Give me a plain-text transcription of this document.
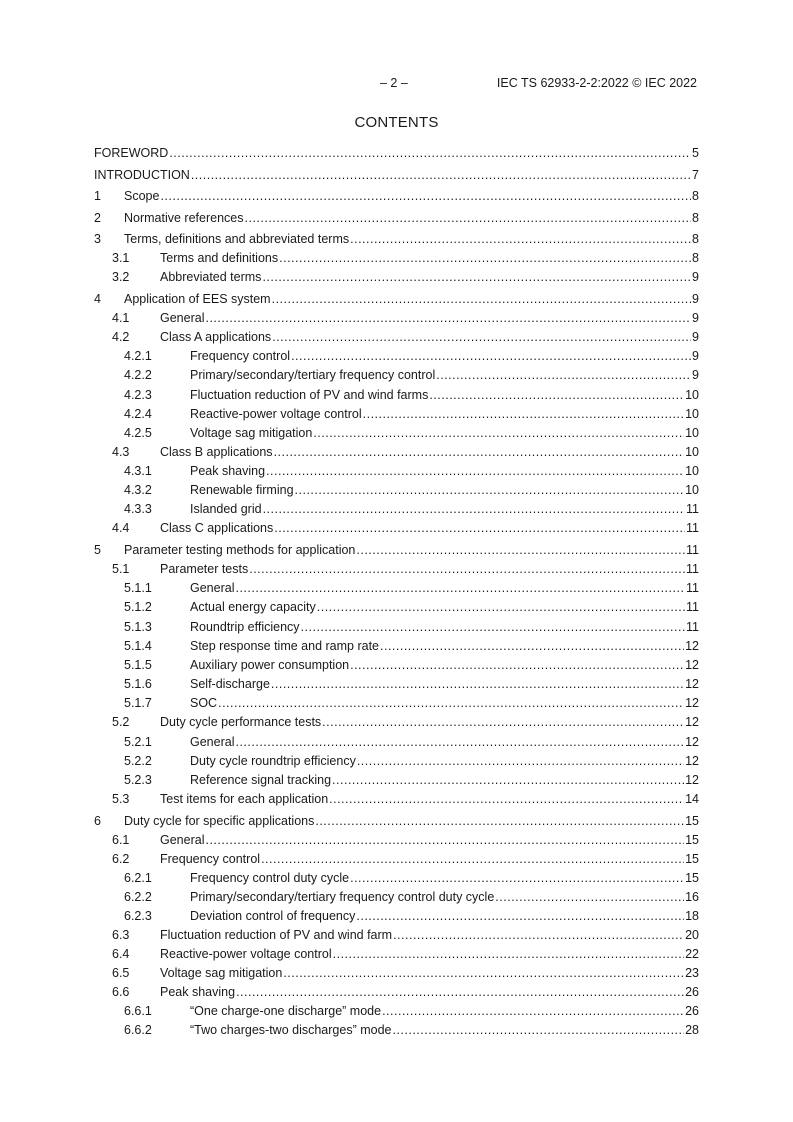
– 2 –	IEC TS 62933-2-2:2022 © IEC 2022
CONTENTS
FOREWORD .....	5
INTRODUCTION .....	7
1	Scope .....	8
2	Normative references .....	8
3	Terms, definitions and abbreviated terms .....	8
3.1	Terms and definitions .....	8
3.2	Abbreviated terms .....	9
4	Application of EES system .....	9
4.1	General .....	9
4.2	Class A applications .....	9
4.2.1	Frequency control .....	9
4.2.2	Primary/secondary/tertiary frequency control .....	9
4.2.3	Fluctuation reduction of PV and wind farms .....	10
4.2.4	Reactive-power voltage control .....	10
4.2.5	Voltage sag mitigation .....	10
4.3	Class B applications .....	10
4.3.1	Peak shaving .....	10
4.3.2	Renewable firming .....	10
4.3.3	Islanded grid .....	11
4.4	Class C applications .....	11
5	Parameter testing methods for application .....	11
5.1	Parameter tests .....	11
5.1.1	General .....	11
5.1.2	Actual energy capacity .....	11
5.1.3	Roundtrip efficiency .....	11
5.1.4	Step response time and ramp rate .....	12
5.1.5	Auxiliary power consumption .....	12
5.1.6	Self-discharge .....	12
5.1.7	SOC .....	12
5.2	Duty cycle performance tests .....	12
5.2.1	General .....	12
5.2.2	Duty cycle roundtrip efficiency .....	12
5.2.3	Reference signal tracking .....	12
5.3	Test items for each application .....	14
6	Duty cycle for specific applications .....	15
6.1	General .....	15
6.2	Frequency control .....	15
6.2.1	Frequency control duty cycle .....	15
6.2.2	Primary/secondary/tertiary frequency control duty cycle .....	16
6.2.3	Deviation control of frequency .....	18
6.3	Fluctuation reduction of PV and wind farm .....	20
6.4	Reactive-power voltage control .....	22
6.5	Voltage sag mitigation .....	23
6.6	Peak shaving .....	26
6.6.1	“One charge-one discharge” mode .....	26
6.6.2	“Two charges-two discharges” mode .....	28
